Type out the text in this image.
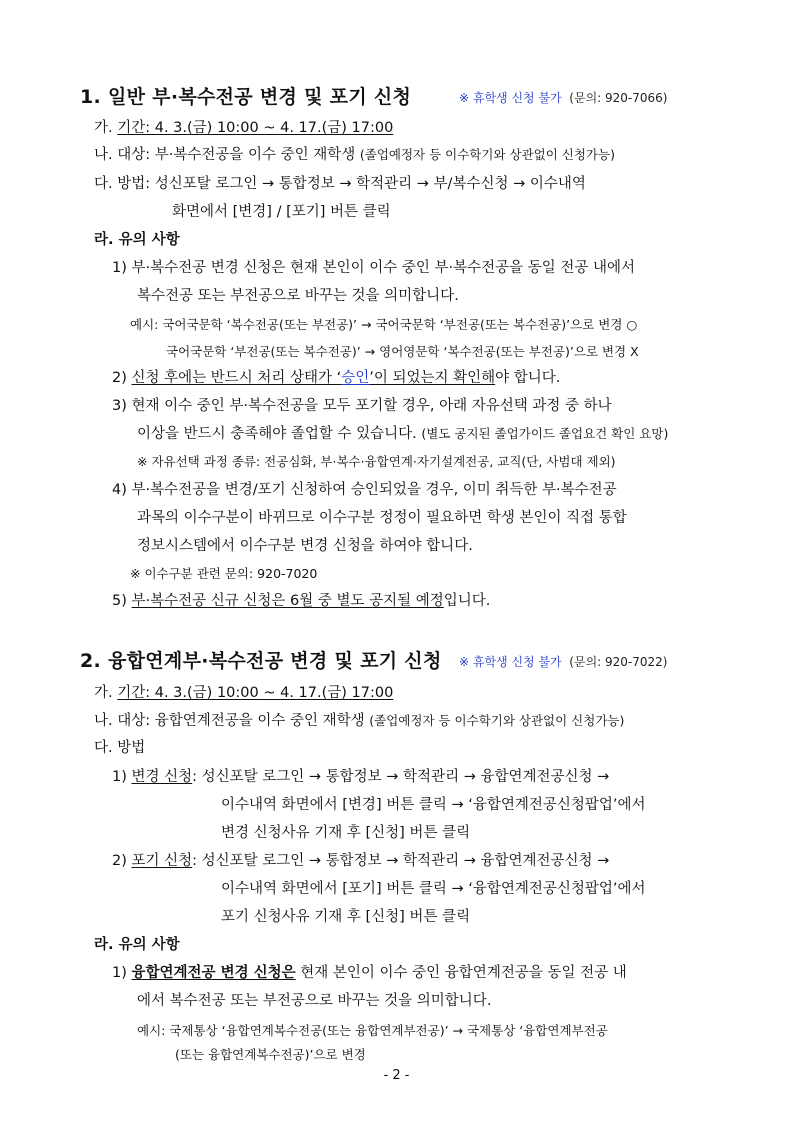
1. 일반 부·복수전공 변경 및 포기 신청	※ 휴학생 신청 불가 (문의: 920-7066)
가. 기간: 4. 3.(금) 10:00 ~ 4. 17.(금) 17:00
나. 대상: 부·복수전공을 이수 중인 재학생 (졸업예정자 등 이수학기와 상관없이 신청가능)
다. 방법: 성신포탈 로그인 → 통합정보 → 학적관리 → 부/복수신청 → 이수내역
화면에서 [변경] / [포기] 버튼 클릭
라. 유의 사항
1) 부·복수전공 변경 신청은 현재 본인이 이수 중인 부·복수전공을 동일 전공 내에서
복수전공 또는 부전공으로 바꾸는 것을 의미합니다.
예시: 국어국문학 ‘복수전공(또는 부전공)’ → 국어국문학 ‘부전공(또는 복수전공)’으로 변경 ○
국어국문학 ‘부전공(또는 복수전공)’ → 영어영문학 ‘복수전공(또는 부전공)’으로 변경 X
2) 신청 후에는 반드시 처리 상태가 ‘승인’이 되었는지 확인해야 합니다.
3) 현재 이수 중인 부·복수전공을 모두 포기할 경우, 아래 자유선택 과정 중 하나
이상을 반드시 충족해야 졸업할 수 있습니다. (별도 공지된 졸업가이드 졸업요건 확인 요망)
※ 자유선택 과정 종류: 전공심화, 부·복수·융합연계·자기설계전공, 교직(단, 사범대 제외)
4) 부·복수전공을 변경/포기 신청하여 승인되었을 경우, 이미 취득한 부·복수전공
과목의 이수구분이 바뀌므로 이수구분 정정이 필요하면 학생 본인이 직접 통합
정보시스템에서 이수구분 변경 신청을 하여야 합니다.
※ 이수구분 관련 문의: 920-7020
5) 부·복수전공 신규 신청은 6월 중 별도 공지될 예정입니다.
2. 융합연계부·복수전공 변경 및 포기 신청 ※ 휴학생 신청 불가 (문의: 920-7022)
가. 기간: 4. 3.(금) 10:00 ~ 4. 17.(금) 17:00
나. 대상: 융합연계전공을 이수 중인 재학생 (졸업예정자 등 이수학기와 상관없이 신청가능)
다. 방법
1) 변경 신청: 성신포탈 로그인 → 통합정보 → 학적관리 → 융합연계전공신청 →
이수내역 화면에서 [변경] 버튼 클릭 → ‘융합연계전공신청팝업’에서
변경 신청사유 기재 후 [신청] 버튼 클릭
2) 포기 신청: 성신포탈 로그인 → 통합정보 → 학적관리 → 융합연계전공신청 →
이수내역 화면에서 [포기] 버튼 클릭 → ‘융합연계전공신청팝업’에서
포기 신청사유 기재 후 [신청] 버튼 클릭
라. 유의 사항
1) 융합연계전공 변경 신청은 현재 본인이 이수 중인 융합연계전공을 동일 전공 내
에서 복수전공 또는 부전공으로 바꾸는 것을 의미합니다.
예시: 국제통상 ‘융합연계복수전공(또는 융합연계부전공)’ → 국제통상 ‘융합연계부전공
(또는 융합연계복수전공)’으로 변경
- 2 -
